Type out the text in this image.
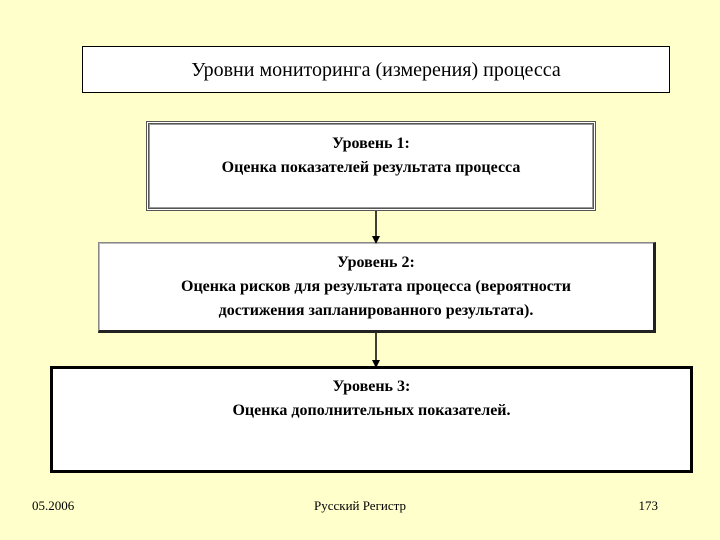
Уровни мониторинга (измерения) процесса
Уровень 1:
Оценка показателей результата процесса
Уровень 2:
Оценка рисков для результата процесса (вероятности
достижения запланированного результата).
Уровень 3:
Оценка дополнительных показателей.
05.2006	Русский Регистр	173
